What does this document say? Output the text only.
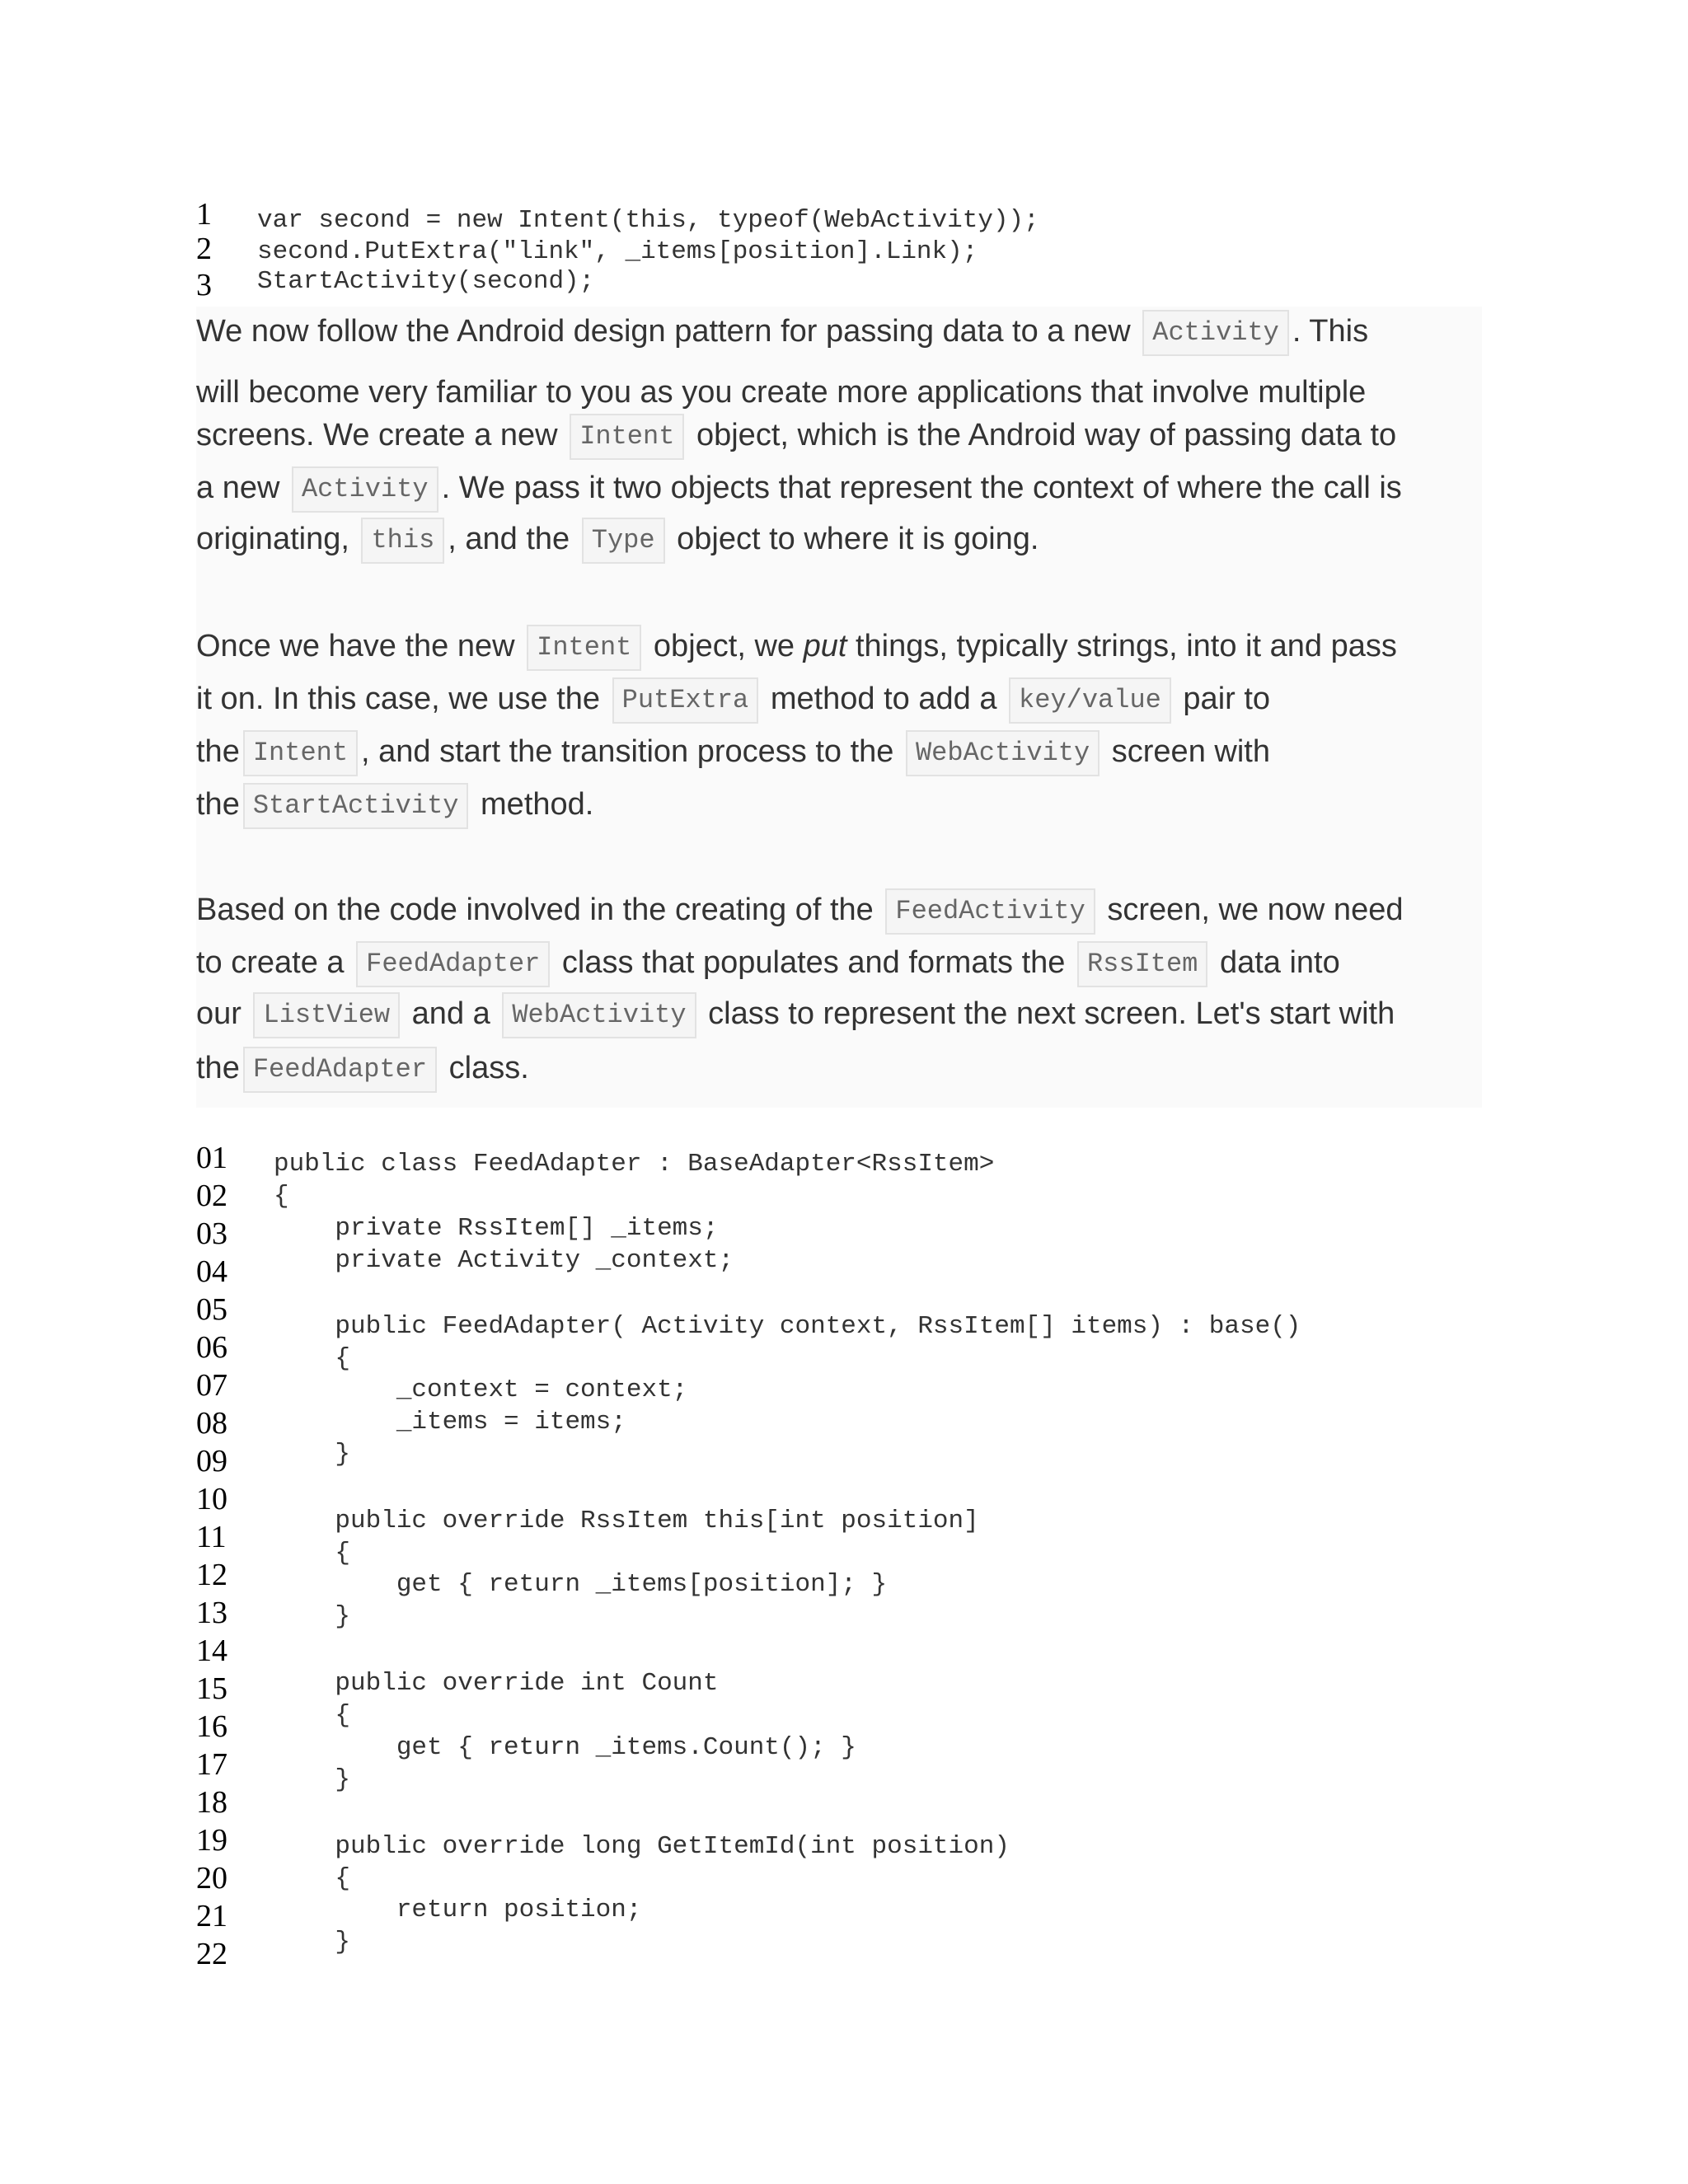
1

var second = new Intent(this, typeof(WebActivity));

2

second.PutExtra("link", _items[position].Link);

3

StartActivity(second);

We now follow the Android design pattern for passing data to a new Activity . This
will become very familiar to you as you create more applications that involve multiple
screens. We create a new Intent object, which is the Android way of passing data to
a new Activity . We pass it two objects that represent the context of where the call is
originating, this , and the Type object to where it is going.
Once we have the new Intent object, we put things, typically strings, into it and pass
it on. In this case, we use the PutExtra method to add a key/value pair to
the Intent , and start the transition process to the WebActivity screen with
the StartActivity method.
Based on the code involved in the creating of the FeedActivity screen, we now need
to create a FeedAdapter class that populates and formats the RssItem data into
our ListView and a WebActivity class to represent the next screen. Let's start with
the FeedAdapter class.
01 public class FeedAdapter : BaseAdapter<RssItem>
02 {
03 private RssItem[] _items;
04 private Activity _context;
05
06
public FeedAdapter( Activity context, RssItem[] items) : base()
07
{
08
_context = context;
09
_items = items;
10
}
11
12
public override RssItem this[int position]
13
{
14
get { return _items[position]; }
15
}
16
17
public override int Count
18
{
19
get { return _items.Count(); }
20
}
21
22
public override long GetItemId(int position)
{
return position;
}
